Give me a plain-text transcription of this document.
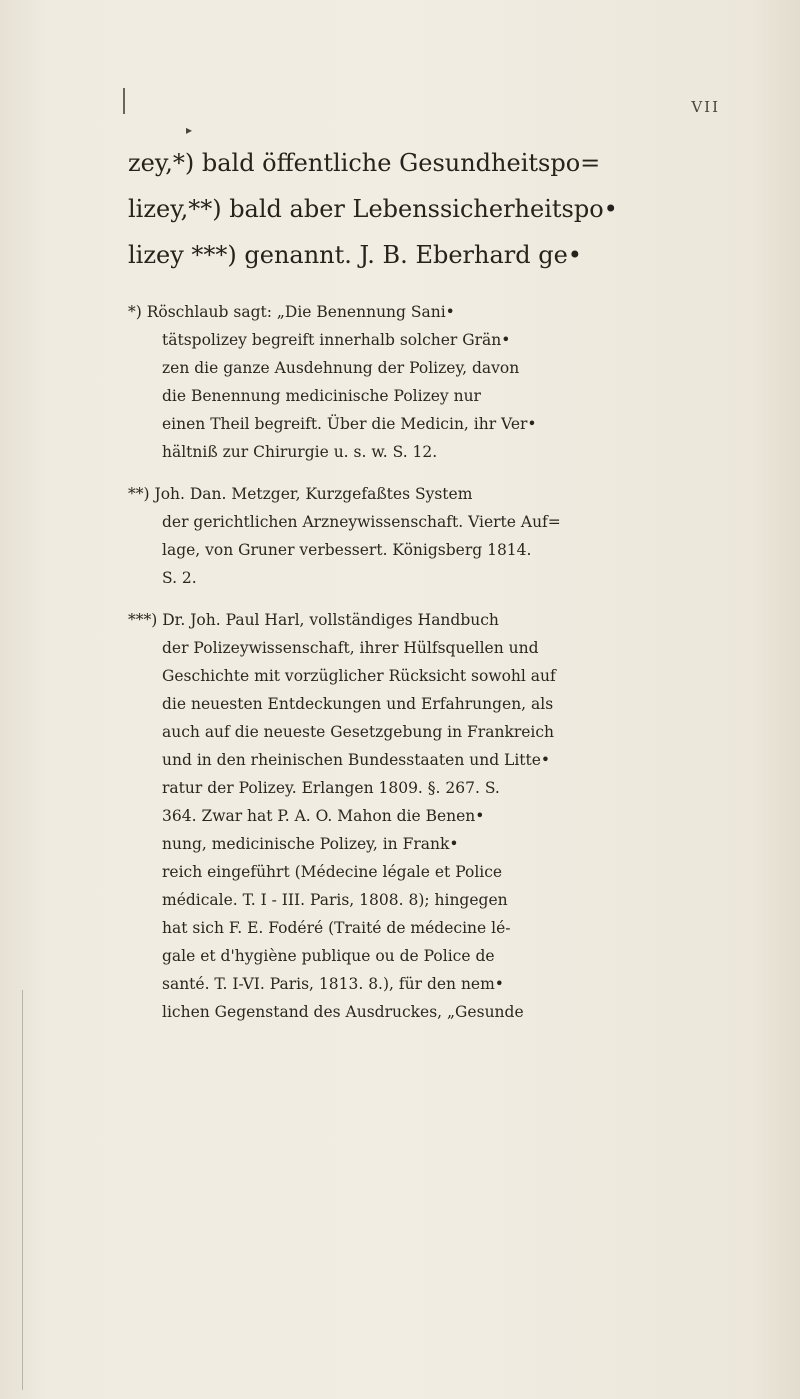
▸
VII
zey,*) bald öffentliche Gesundheitspo=
lizey,**) bald aber Lebenssicherheitspo•
lizey ***) genannt. J. B. Eberhard ge•
*) Röschlaub sagt: „Die Benennung Sani•
tätspolizey begreift innerhalb solcher Grän•
zen die ganze Ausdehnung der Polizey, davon
die Benennung medicinische Polizey nur
einen Theil begreift. Über die Medicin, ihr Ver•
hältniß zur Chirurgie u. s. w. S. 12.
**) Joh. Dan. Metzger, Kurzgefaßtes System
der gerichtlichen Arzneywissenschaft. Vierte Auf=
lage, von Gruner verbessert. Königsberg 1814.
S. 2.
***) Dr. Joh. Paul Harl, vollständiges Handbuch
der Polizeywissenschaft, ihrer Hülfsquellen und
Geschichte mit vorzüglicher Rücksicht sowohl auf
die neuesten Entdeckungen und Erfahrungen, als
auch auf die neueste Gesetzgebung in Frankreich
und in den rheinischen Bundesstaaten und Litte•
ratur der Polizey. Erlangen 1809. §. 267. S.
364. Zwar hat P. A. O. Mahon die Benen•
nung, medicinische Polizey, in Frank•
reich eingeführt (Médecine légale et Police
médicale. T. I - III. Paris, 1808. 8); hingegen
hat sich F. E. Fodéré (Traité de médecine lé-
gale et d'hygiène publique ou de Police de
santé. T. I-VI. Paris, 1813. 8.), für den nem•
lichen Gegenstand des Ausdruckes, „Gesunde
